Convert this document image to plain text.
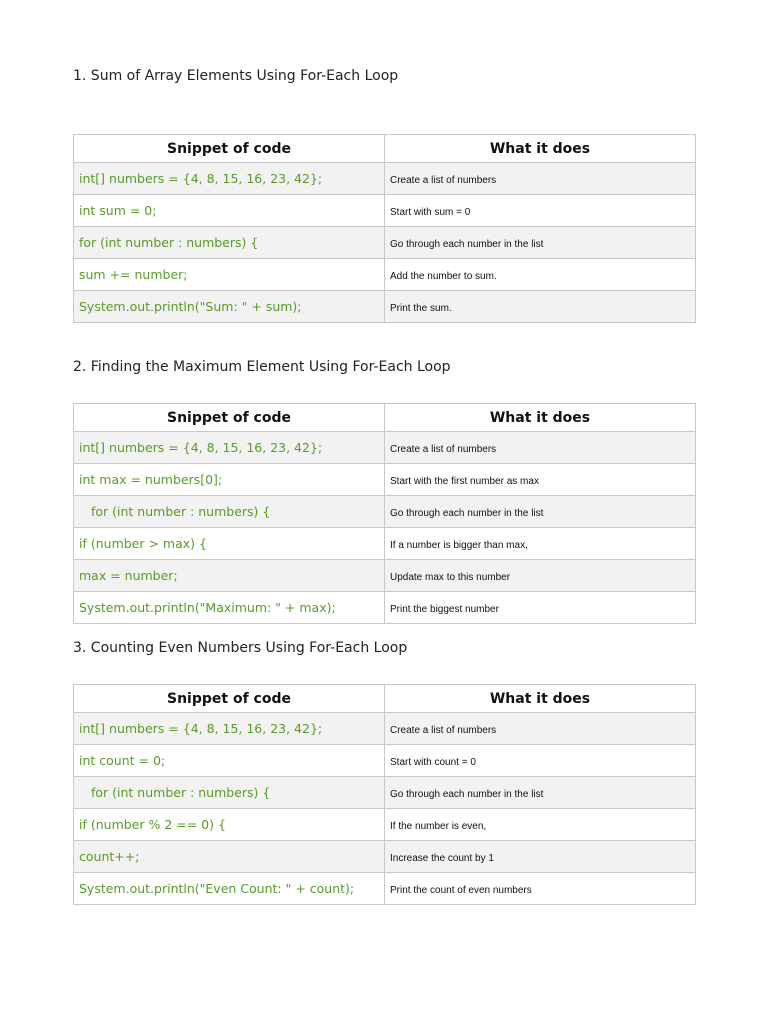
1. Sum of Array Elements Using For-Each Loop
Snippet of code	What it does
int[] numbers = {4, 8, 15, 16, 23, 42};	Create a list of numbers
int sum = 0;	Start with sum = 0
for (int number : numbers) {	Go through each number in the list
sum += number;	Add the number to sum.
System.out.println("Sum: " + sum);	Print the sum.
2. Finding the Maximum Element Using For-Each Loop
Snippet of code	What it does
int[] numbers = {4, 8, 15, 16, 23, 42};	Create a list of numbers
int max = numbers[0];	Start with the first number as max
for (int number : numbers) {	Go through each number in the list
if (number > max) {	If a number is bigger than max,
max = number;	Update max to this number
System.out.println("Maximum: " + max);	Print the biggest number
3. Counting Even Numbers Using For-Each Loop
Snippet of code	What it does
int[] numbers = {4, 8, 15, 16, 23, 42};	Create a list of numbers
int count = 0;	Start with count = 0
for (int number : numbers) {	Go through each number in the list
if (number % 2 == 0) {	If the number is even,
count++;	Increase the count by 1
System.out.println("Even Count: " + count);	Print the count of even numbers
